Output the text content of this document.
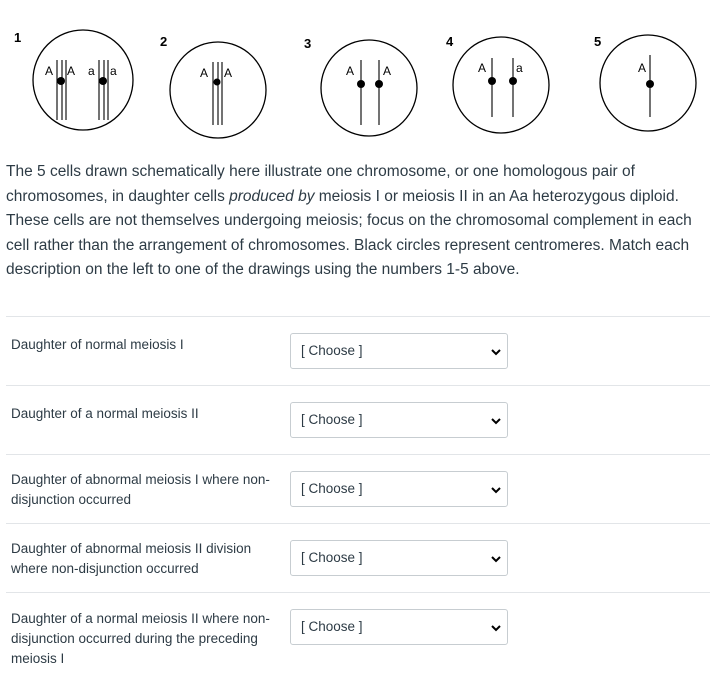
1
A A a a
2
A A
3
A A
4
A a
5
A

The 5 cells drawn schematically here illustrate one chromosome, or one homologous pair of chromosomes, in daughter cells produced by meiosis I or meiosis II in an Aa heterozygous diploid. These cells are not themselves undergoing meiosis; focus on the chromosomal complement in each cell rather than the arrangement of chromosomes. Black circles represent centromeres. Match each description on the left to one of the drawings using the numbers 1-5 above.

Daughter of normal meiosis I	[ Choose ]
Daughter of a normal meiosis II	[ Choose ]
Daughter of abnormal meiosis I where non-disjunction occurred
[ Choose ]
Daughter of abnormal meiosis II division where non-disjunction occurred
[ Choose ]
Daughter of a normal meiosis II where non-disjunction occurred during the preceding meiosis I
[ Choose ]
